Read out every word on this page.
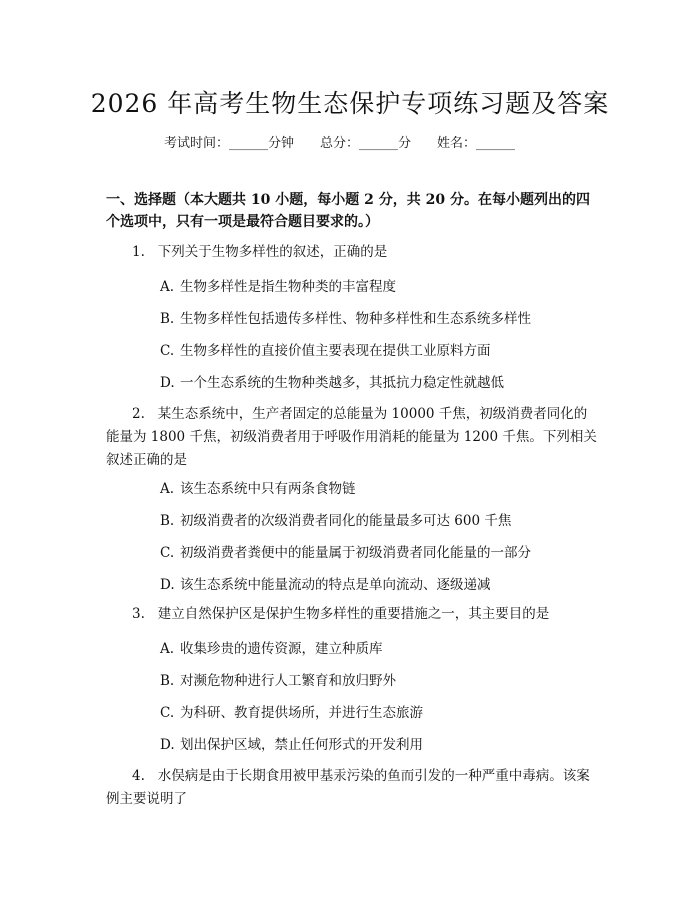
2026 年高考生物生态保护专项练习题及答案
考试时间：______分钟 总分：______分 姓名：______
一、选择题（本大题共 10 小题，每小题 2 分，共 20 分。在每小题列出的四个选项中，只有一项是最符合题目要求的。）
1. 下列关于生物多样性的叙述，正确的是
A. 生物多样性是指生物种类的丰富程度
B. 生物多样性包括遗传多样性、物种多样性和生态系统多样性
C. 生物多样性的直接价值主要表现在提供工业原料方面
D. 一个生态系统的生物种类越多，其抵抗力稳定性就越低
2. 某生态系统中，生产者固定的总能量为 10000 千焦，初级消费者同化的能量为 1800 千焦，初级消费者用于呼吸作用消耗的能量为 1200 千焦。下列相关叙述正确的是
A. 该生态系统中只有两条食物链
B. 初级消费者的次级消费者同化的能量最多可达 600 千焦
C. 初级消费者粪便中的能量属于初级消费者同化能量的一部分
D. 该生态系统中能量流动的特点是单向流动、逐级递减
3. 建立自然保护区是保护生物多样性的重要措施之一，其主要目的是
A. 收集珍贵的遗传资源，建立种质库
B. 对濒危物种进行人工繁育和放归野外
C. 为科研、教育提供场所，并进行生态旅游
D. 划出保护区域，禁止任何形式的开发利用
4. 水俣病是由于长期食用被甲基汞污染的鱼而引发的一种严重中毒病。该案例主要说明了
